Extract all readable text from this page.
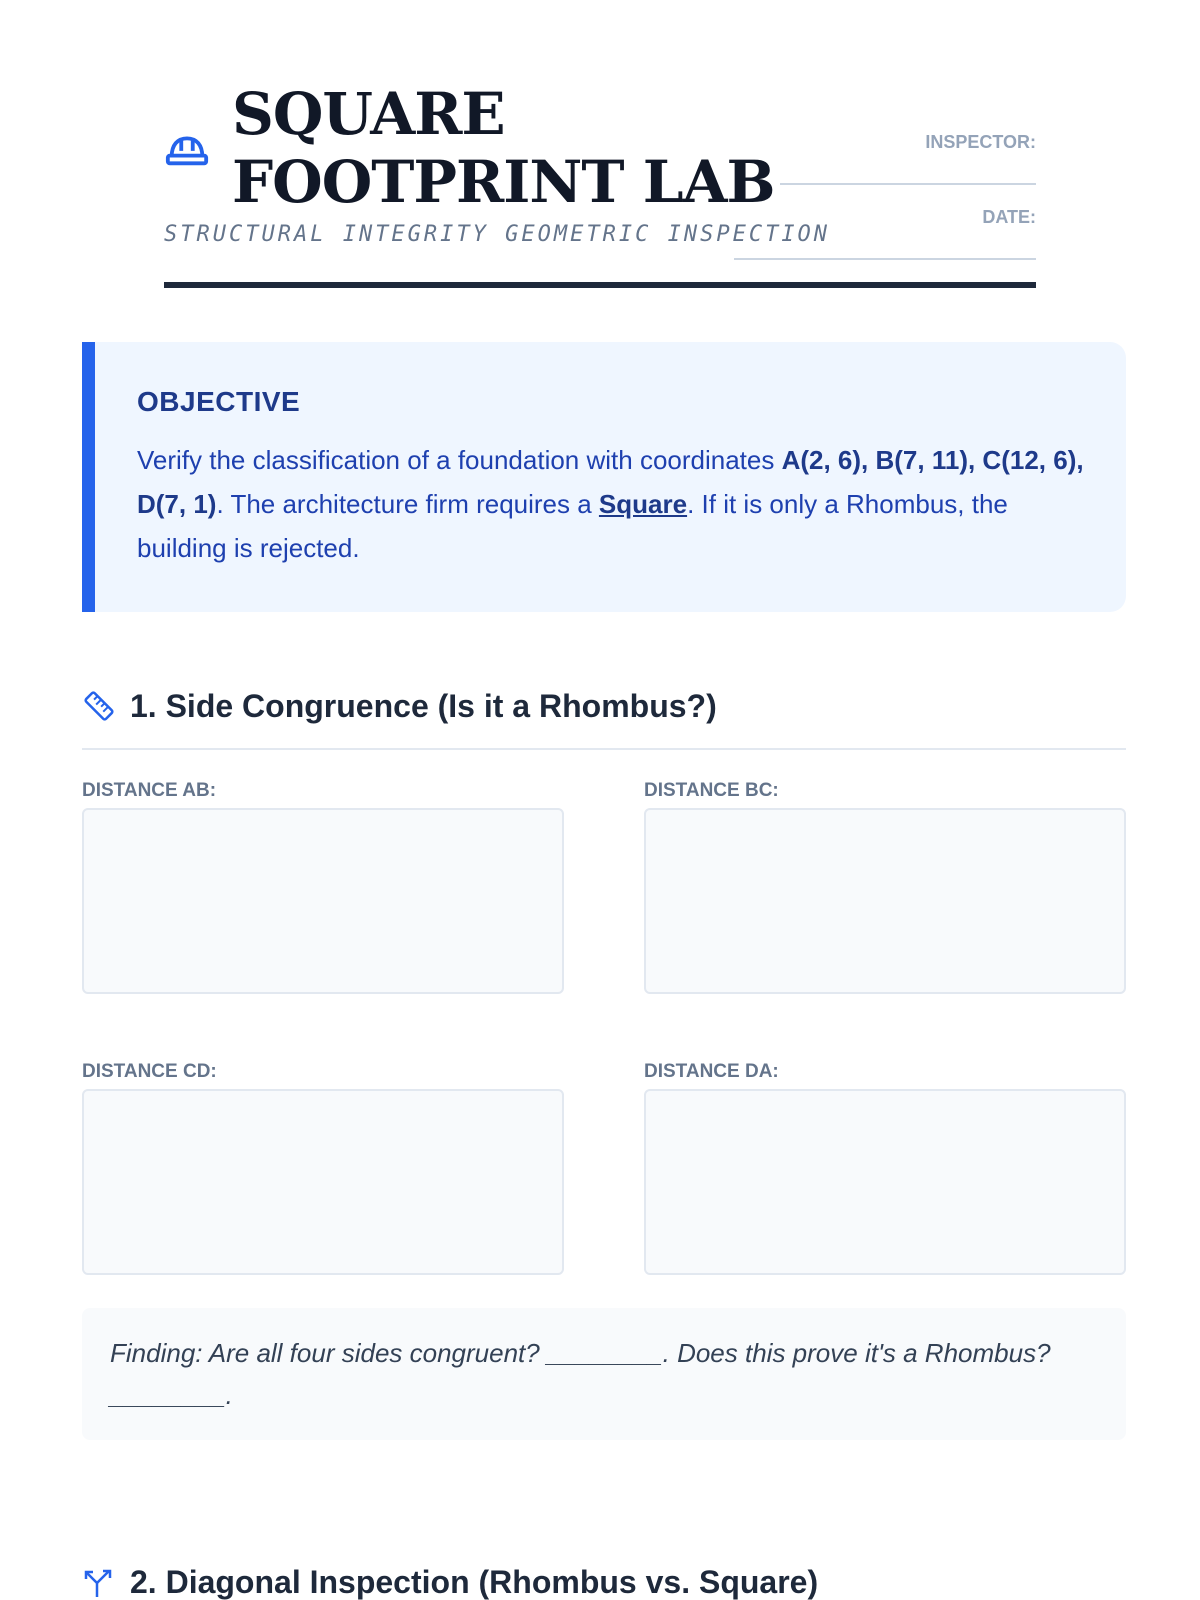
SQUARE FOOTPRINT LAB
STRUCTURAL INTEGRITY GEOMETRIC INSPECTION
INSPECTOR:
DATE:
OBJECTIVE
Verify the classification of a foundation with coordinates A(2, 6), B(7, 11), C(12, 6), D(7, 1). The architecture firm requires a Square. If it is only a Rhombus, the building is rejected.
1. Side Congruence (Is it a Rhombus?)
DISTANCE AB:	DISTANCE BC:
DISTANCE CD:	DISTANCE DA:
Finding: Are all four sides congruent? ________. Does this prove it's a Rhombus? ________.
2. Diagonal Inspection (Rhombus vs. Square)
